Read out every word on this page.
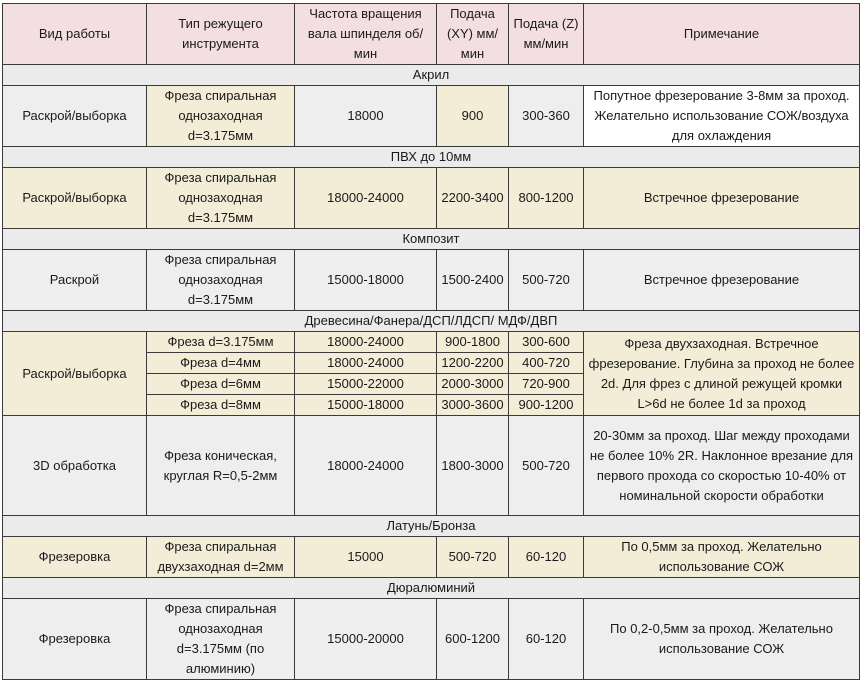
Вид работы	Тип режущего инструмента	Частота вращения вала шпинделя об/мин	Подача (XY) мм/мин	Подача (Z) мм/мин	Примечание
Акрил					
Раскрой/выборка	Фреза спиральная однозаходная d=3.175мм	18000	900	300-360	Попутное фрезерование 3-8мм за проход. Желательно использование СОЖ/воздуха для охлаждения
ПВХ до 10мм					
Раскрой/выборка	Фреза спиральная однозаходная d=3.175мм	18000-24000	2200-3400	800-1200	Встречное фрезерование
Композит					
Раскрой	Фреза спиральная однозаходная d=3.175мм	15000-18000	1500-2400	500-720	Встречное фрезерование
Древесина/Фанера/ДСП/ЛДСП/ МДФ/ДВП					
Раскрой/выборка	Фреза d=3.175мм	18000-24000	900-1800	300-600	Фреза двухзаходная. Встречное фрезерование. Глубина за проход не более 2d. Для фрез с длиной режущей кромки L>6d не более 1d за проход
	Фреза d=4мм	18000-24000	1200-2200	400-720	
	Фреза d=6мм	15000-22000	2000-3000	720-900	
	Фреза d=8мм	15000-18000	3000-3600	900-1200	
3D обработка	Фреза коническая, круглая R=0,5-2мм	18000-24000	1800-3000	500-720	20-30мм за проход. Шаг между проходами не более 10% 2R. Наклонное врезание для первого прохода со скоростью 10-40% от номинальной скорости обработки
Латунь/Бронза					
Фрезеровка	Фреза спиральная двухзаходная d=2мм	15000	500-720	60-120	По 0,5мм за проход. Желательно использование СОЖ
Дюралюминий					
Фрезеровка	Фреза спиральная однозаходная d=3.175мм (по алюминию)	15000-20000	600-1200	60-120	По 0,2-0,5мм за проход. Желательно использование СОЖ
